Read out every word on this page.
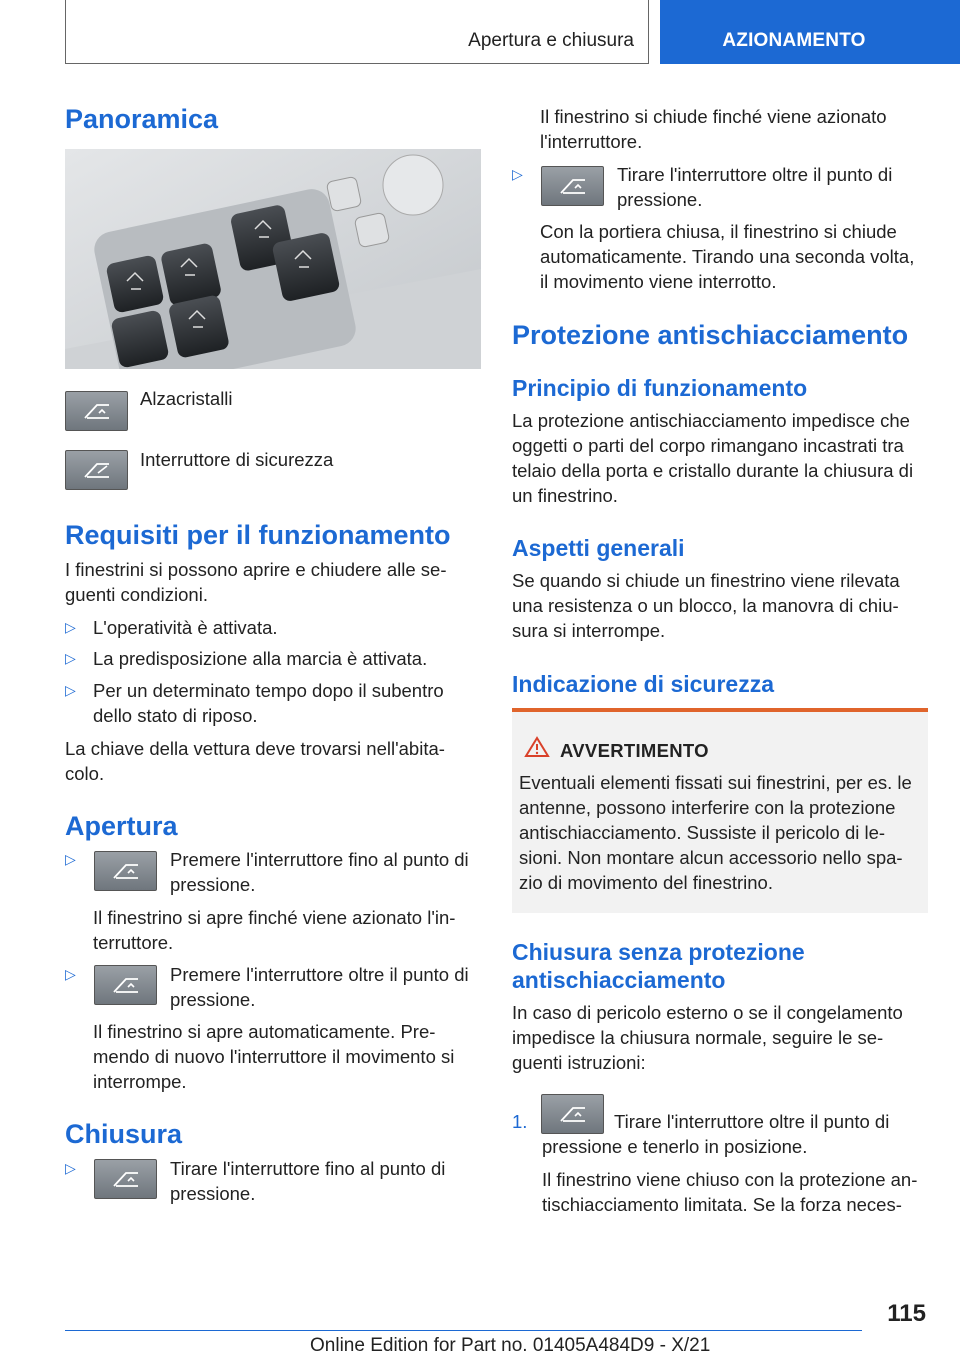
Apertura e chiusura	AZIONAMENTO
Panoramica
Alzacristalli
Interruttore di sicurezza
Requisiti per il funzionamento
I finestrini si possono aprire e chiudere alle se-
guenti condizioni.
▷ L'operatività è attivata.
▷ La predisposizione alla marcia è attivata.
▷ Per un determinato tempo dopo il subentro
dello stato di riposo.
La chiave della vettura deve trovarsi nell'abita-
colo.
Apertura
▷	Premere l'interruttore fino al punto di
pressione.
Il finestrino si apre finché viene azionato l'in-
terruttore.
▷	Premere l'interruttore oltre il punto di
pressione.
Il finestrino si apre automaticamente. Pre-
mendo di nuovo l'interruttore il movimento si
interrompe.
Chiusura
▷	Tirare l'interruttore fino al punto di
pressione.
Il finestrino si chiude finché viene azionato
l'interruttore.
▷	Tirare l'interruttore oltre il punto di
pressione.
Con la portiera chiusa, il finestrino si chiude
automaticamente. Tirando una seconda volta,
il movimento viene interrotto.
Protezione antischiacciamento
Principio di funzionamento
La protezione antischiacciamento impedisce che
oggetti o parti del corpo rimangano incastrati tra
telaio della porta e cristallo durante la chiusura di
un finestrino.
Aspetti generali
Se quando si chiude un finestrino viene rilevata
una resistenza o un blocco, la manovra di chiu-
sura si interrompe.
Indicazione di sicurezza
AVVERTIMENTO
Eventuali elementi fissati sui finestrini, per es. le
antenne, possono interferire con la protezione
antischiacciamento. Sussiste il pericolo di le-
sioni. Non montare alcun accessorio nello spa-
zio di movimento del finestrino.
Chiusura senza protezione
antischiacciamento
In caso di pericolo esterno o se il congelamento
impedisce la chiusura normale, seguire le se-
guenti istruzioni:
1.	Tirare l'interruttore oltre il punto di
pressione e tenerlo in posizione.
Il finestrino viene chiuso con la protezione an-
tischiacciamento limitata. Se la forza neces-
115
Online Edition for Part no. 01405A484D9 - X/21
